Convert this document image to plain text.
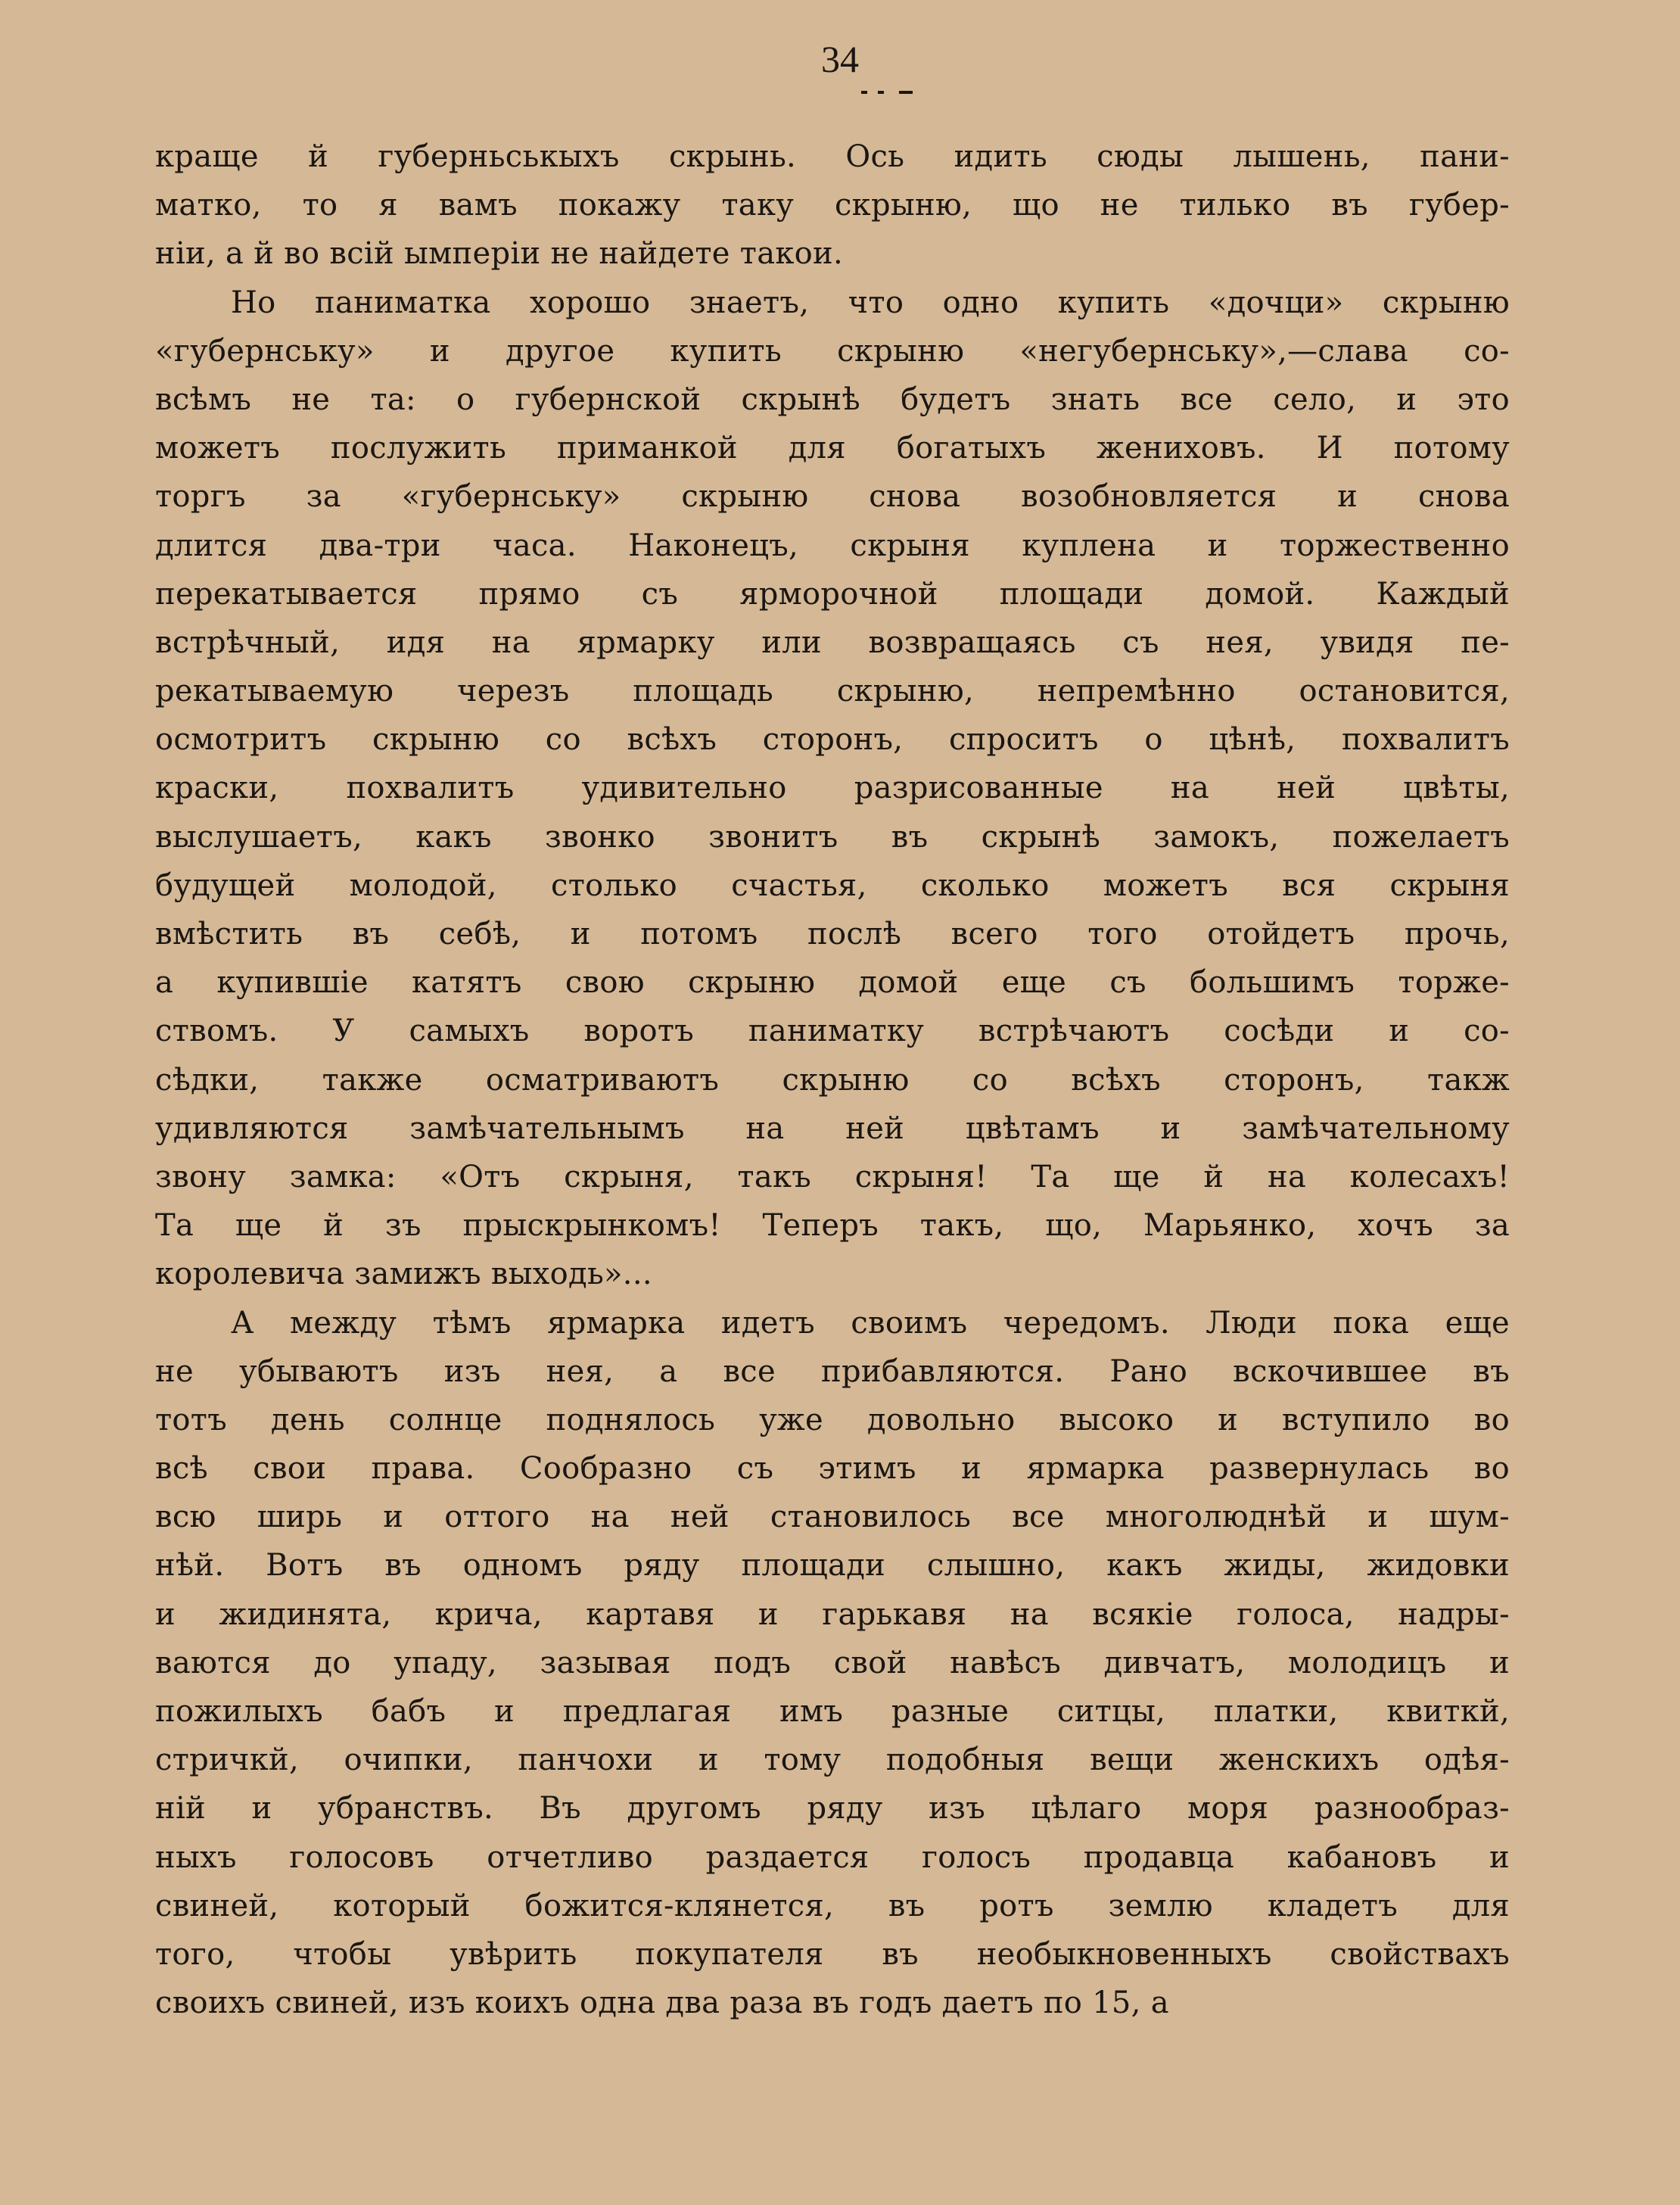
34
краще й губерньськыхъ скрынь. Ось идить сюды лышень, пани-
матко, то я вамъ покажу таку скрыню, що не тилько въ губер-
нiи, а й во всiй ымперiи не найдете такои.
Но паниматка хорошо знаетъ, что одно купить «дочци» скрыню
«губернську» и другое купить скрыню «негубернську»,—слава со-
всѣмъ не та: о губернской скрынѣ будетъ знать все село, и это
можетъ послужить приманкой для богатыхъ жениховъ. И потому
торгъ за «губернську» скрыню снова возобновляется и снова
длится два-три часа. Наконецъ, скрыня куплена и торжественно
перекатывается прямо съ ярморочной площади домой. Каждый
встрѣчный, идя на ярмарку или возвращаясь съ нея, увидя пе-
рекатываемую черезъ площадь скрыню, непремѣнно остановится,
осмотритъ скрыню со всѣхъ сторонъ, спроситъ о цѣнѣ, похвалитъ
краски, похвалитъ удивительно разрисованные на ней цвѣты,
выслушаетъ, какъ звонко звонитъ въ скрынѣ замокъ, пожелаетъ
будущей молодой, столько счастья, сколько можетъ вся скрыня
вмѣстить въ себѣ, и потомъ послѣ всего того отойдетъ прочь,
а купившiе катятъ свою скрыню домой еще съ большимъ торже-
ствомъ. У самыхъ воротъ паниматку встрѣчаютъ сосѣди и со-
сѣдки, также осматриваютъ скрыню со всѣхъ сторонъ, такж
удивляются замѣчательнымъ на ней цвѣтамъ и замѣчательному
звону замка: «Отъ скрыня, такъ скрыня! Та ще й на колесахъ!
Та ще й зъ прыскрынкомъ! Теперъ такъ, що, Марьянко, хочъ за
королевича замижъ выходь»...
А между тѣмъ ярмарка идетъ своимъ чередомъ. Люди пока еще
не убываютъ изъ нея, а все прибавляются. Рано вскочившее въ
тотъ день солнце поднялось уже довольно высоко и вступило во
всѣ свои права. Сообразно съ этимъ и ярмарка развернулась во
всю ширь и оттого на ней становилось все многолюднѣй и шум-
нѣй. Вотъ въ одномъ ряду площади слышно, какъ жиды, жидовки
и жидинята, крича, картавя и гарькавя на всякiе голоса, надры-
ваются до упаду, зазывая подъ свой навѣсъ дивчатъ, молодицъ и
пожилыхъ бабъ и предлагая имъ разные ситцы, платки, квиткй,
стричкй, очипки, панчохи и тому подобныя вещи женскихъ одѣя-
нiй и убранствъ. Въ другомъ ряду изъ цѣлаго моря разнообраз-
ныхъ голосовъ отчетливо раздается голосъ продавца кабановъ и
свиней, который божится-клянется, въ ротъ землю кладетъ для
того, чтобы увѣрить покупателя въ необыкновенныхъ свойствахъ
своихъ свиней, изъ коихъ одна два раза въ годъ даетъ по 15, а
